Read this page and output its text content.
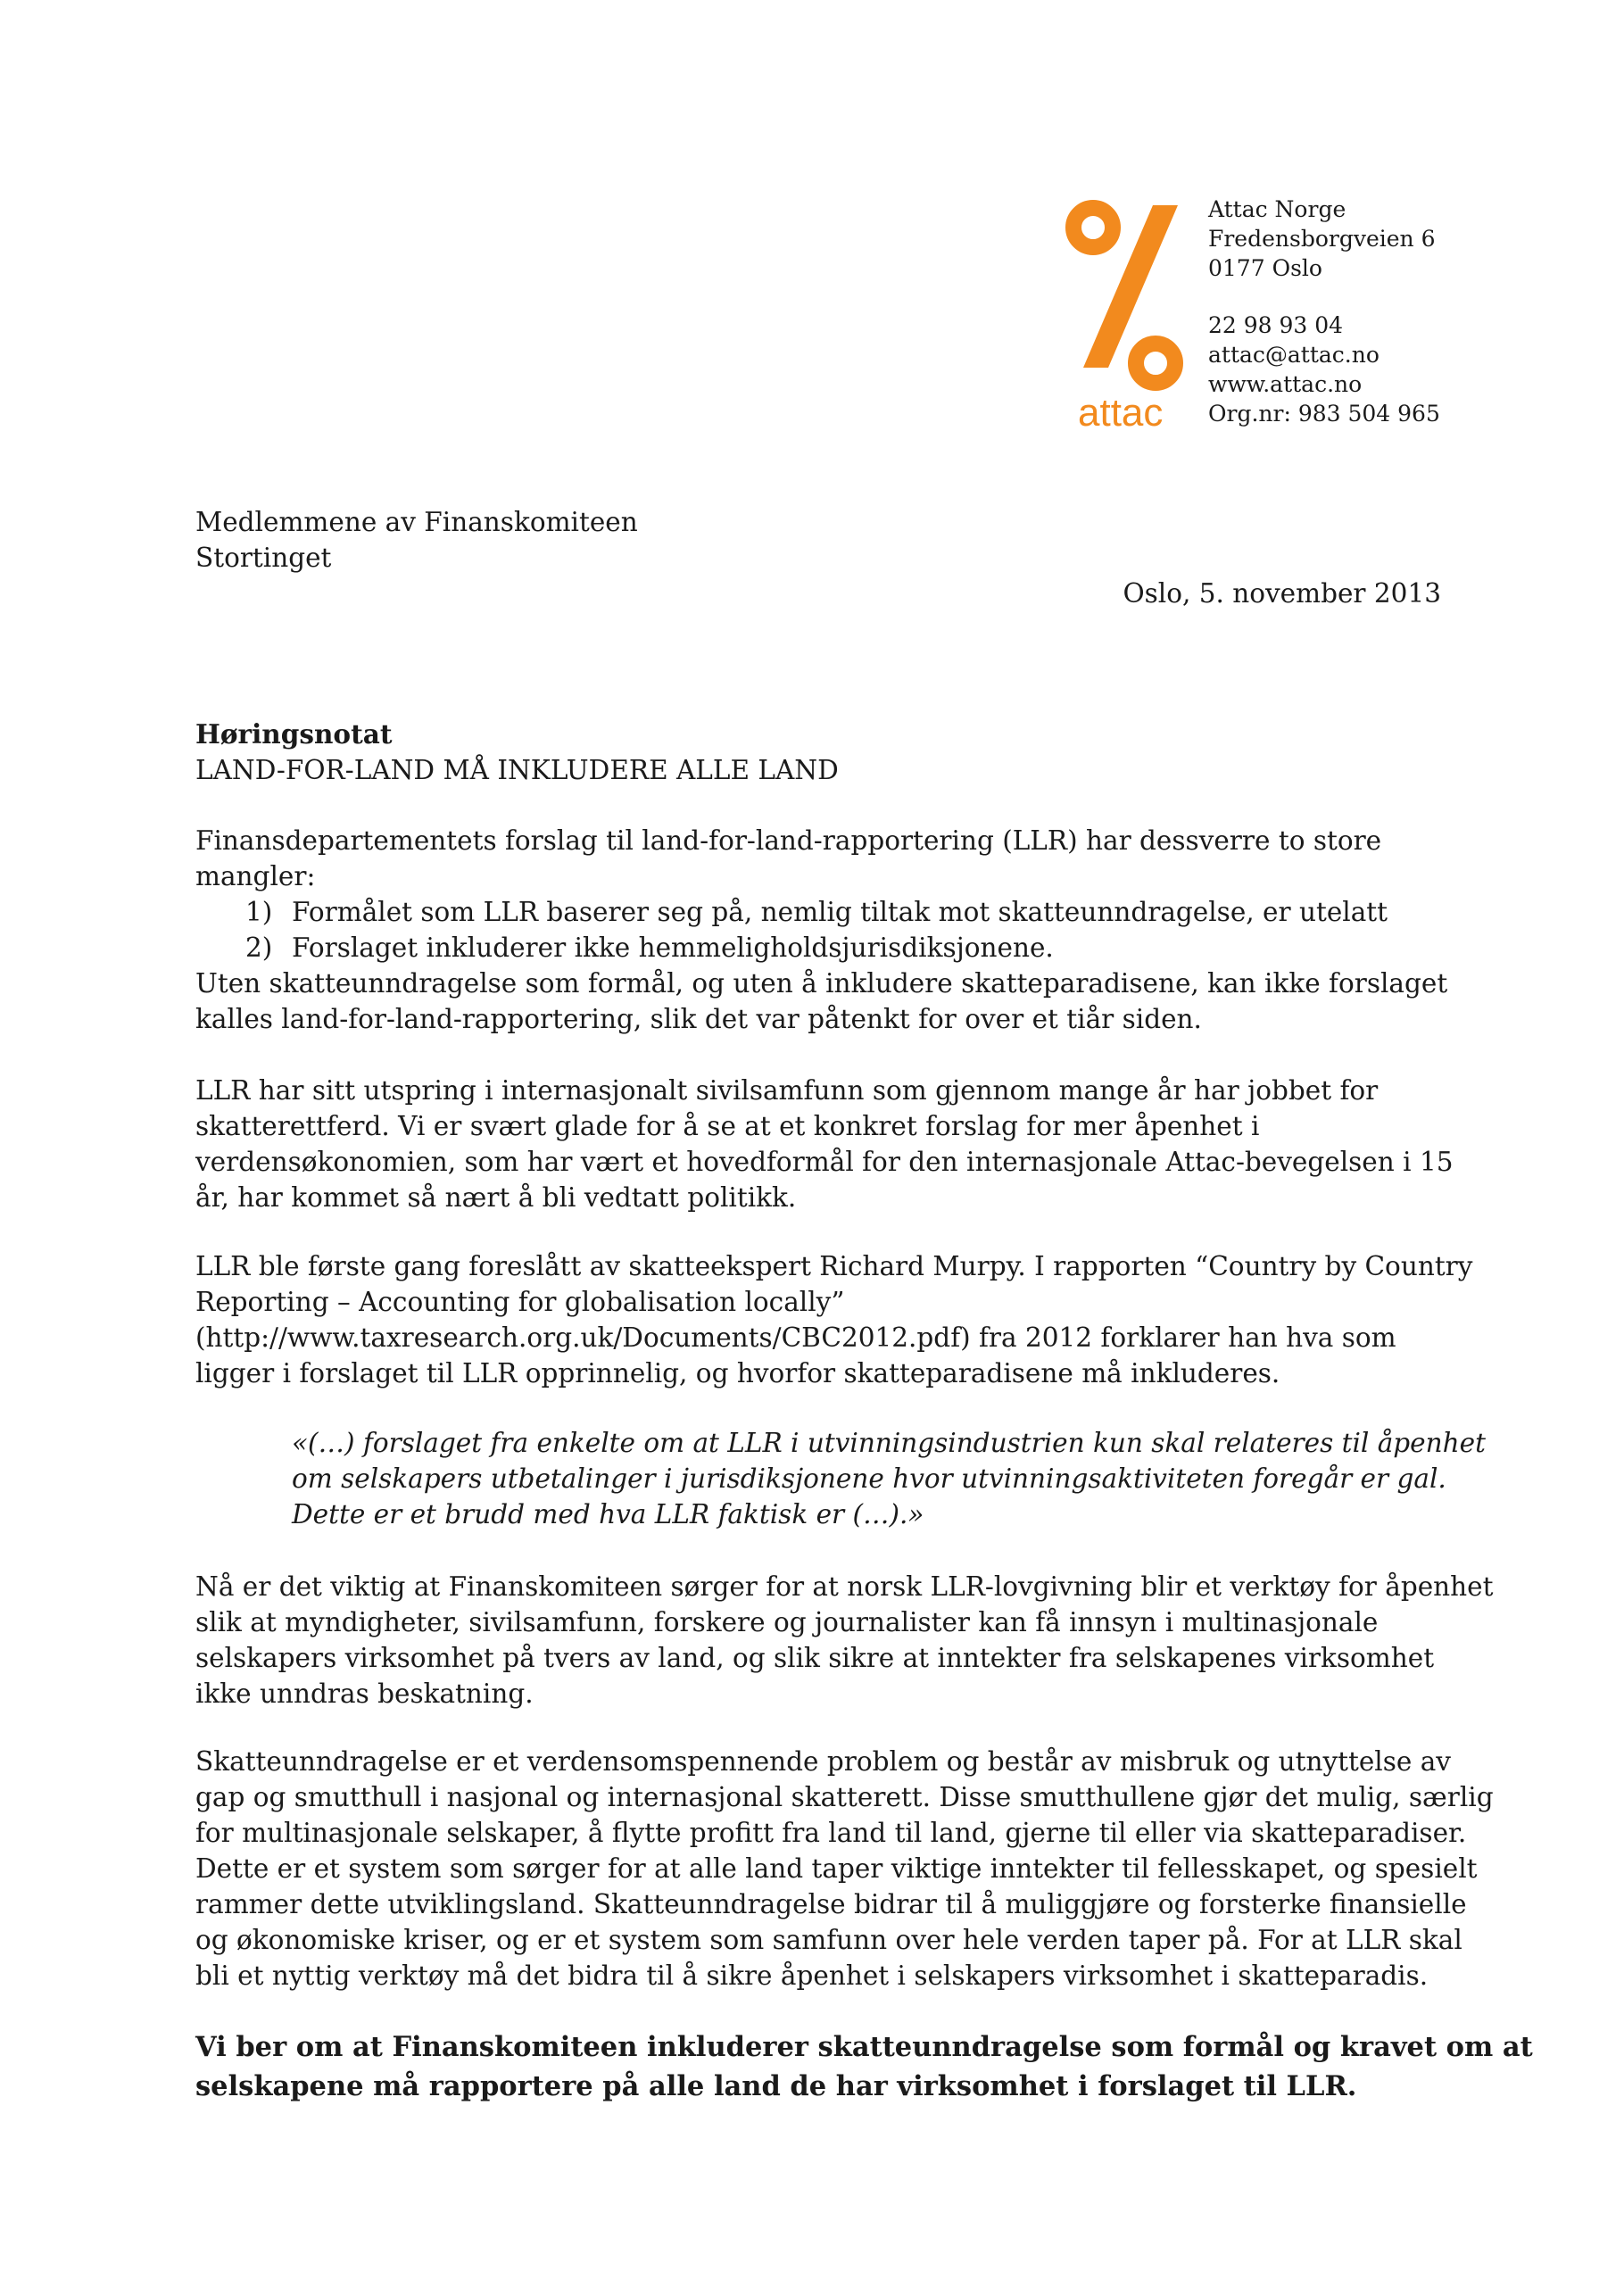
attac
Attac Norge
Fredensborgveien 6
0177 Oslo
22 98 93 04
attac@attac.no
www.attac.no
Org.nr: 983 504 965
Medlemmene av Finanskomiteen
Stortinget
Oslo, 5. november 2013
Høringsnotat
LAND-FOR-LAND MÅ INKLUDERE ALLE LAND
Finansdepartementets forslag til land-for-land-rapportering (LLR) har dessverre to store
mangler:
1) Formålet som LLR baserer seg på, nemlig tiltak mot skatteunndragelse, er utelatt
2) Forslaget inkluderer ikke hemmeligholdsjurisdiksjonene.
Uten skatteunndragelse som formål, og uten å inkludere skatteparadisene, kan ikke forslaget
kalles land-for-land-rapportering, slik det var påtenkt for over et tiår siden.
LLR har sitt utspring i internasjonalt sivilsamfunn som gjennom mange år har jobbet for
skatterettferd. Vi er svært glade for å se at et konkret forslag for mer åpenhet i
verdensøkonomien, som har vært et hovedformål for den internasjonale Attac-bevegelsen i 15
år, har kommet så nært å bli vedtatt politikk.
LLR ble første gang foreslått av skatteekspert Richard Murpy. I rapporten “Country by Country
Reporting – Accounting for globalisation locally”
(http://www.taxresearch.org.uk/Documents/CBC2012.pdf) fra 2012 forklarer han hva som
ligger i forslaget til LLR opprinnelig, og hvorfor skatteparadisene må inkluderes.
«(…) forslaget fra enkelte om at LLR i utvinningsindustrien kun skal relateres til åpenhet
om selskapers utbetalinger i jurisdiksjonene hvor utvinningsaktiviteten foregår er gal.
Dette er et brudd med hva LLR faktisk er (…).»
Nå er det viktig at Finanskomiteen sørger for at norsk LLR-lovgivning blir et verktøy for åpenhet
slik at myndigheter, sivilsamfunn, forskere og journalister kan få innsyn i multinasjonale
selskapers virksomhet på tvers av land, og slik sikre at inntekter fra selskapenes virksomhet
ikke unndras beskatning.
Skatteunndragelse er et verdensomspennende problem og består av misbruk og utnyttelse av
gap og smutthull i nasjonal og internasjonal skatterett. Disse smutthullene gjør det mulig, særlig
for multinasjonale selskaper, å flytte profitt fra land til land, gjerne til eller via skatteparadiser.
Dette er et system som sørger for at alle land taper viktige inntekter til fellesskapet, og spesielt
rammer dette utviklingsland. Skatteunndragelse bidrar til å muliggjøre og forsterke finansielle
og økonomiske kriser, og er et system som samfunn over hele verden taper på. For at LLR skal
bli et nyttig verktøy må det bidra til å sikre åpenhet i selskapers virksomhet i skatteparadis.
Vi ber om at Finanskomiteen inkluderer skatteunndragelse som formål og kravet om at
selskapene må rapportere på alle land de har virksomhet i forslaget til LLR.
